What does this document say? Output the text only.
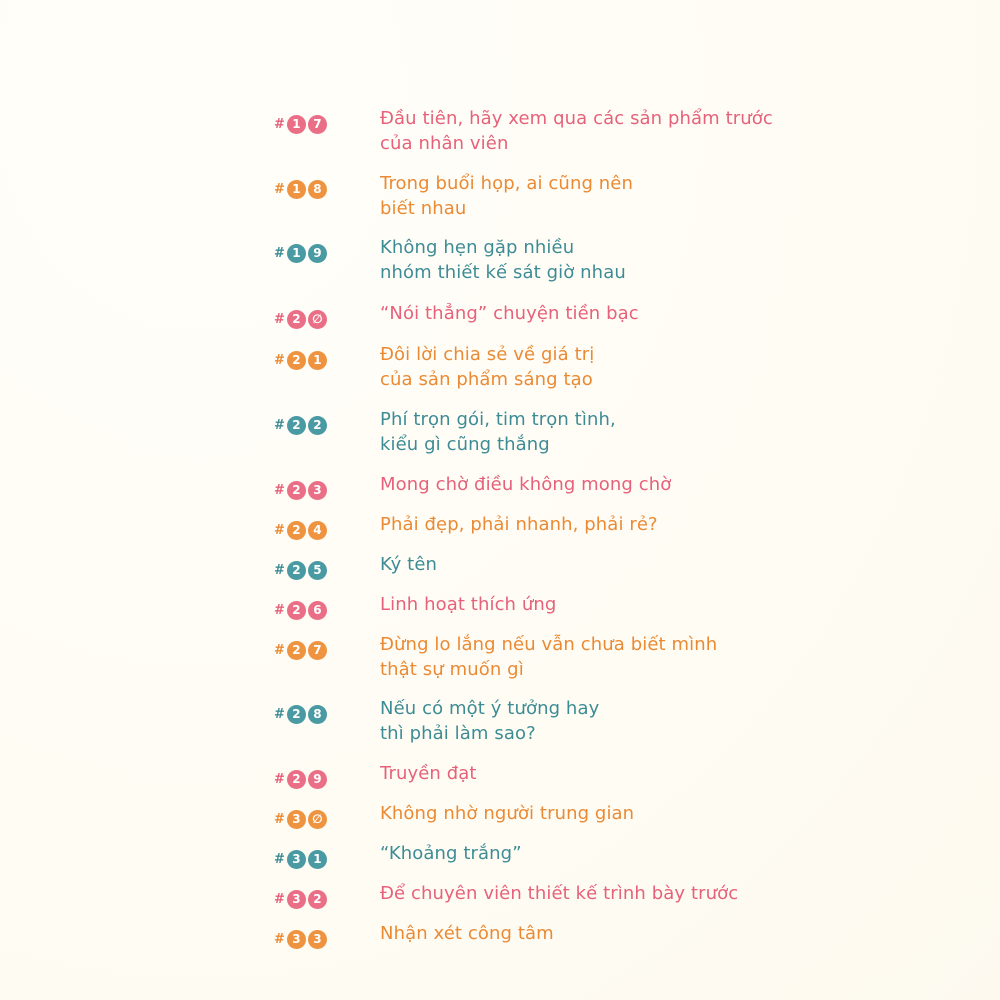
# 1	7	Đầu tiên, hãy xem qua các sản phẩm trước
của nhân viên
# 1	8	Trong buổi họp, ai cũng nên
biết nhau
# 1	9	Không hẹn gặp nhiều
nhóm thiết kế sát giờ nhau
# 2 ∅	“Nói thẳng” chuyện tiền bạc
# 2	1	Đôi lời chia sẻ về giá trị
của sản phẩm sáng tạo
# 2	2	Phí trọn gói, tim trọn tình,
kiểu gì cũng thắng
# 2	3	Mong chờ điều không mong chờ
# 2	4	Phải đẹp, phải nhanh, phải rẻ?
# 2	5	Ký tên
# 2	6	Linh hoạt thích ứng
# 2	7	Đừng lo lắng nếu vẫn chưa biết mình
thật sự muốn gì
# 2	8	Nếu có một ý tưởng hay
thì phải làm sao?
# 2	9	Truyền đạt
# 3 ∅	Không nhờ người trung gian
# 3	1	“Khoảng trắng”
# 3	2	Để chuyên viên thiết kế trình bày trước
# 3	3	Nhận xét công tâm
